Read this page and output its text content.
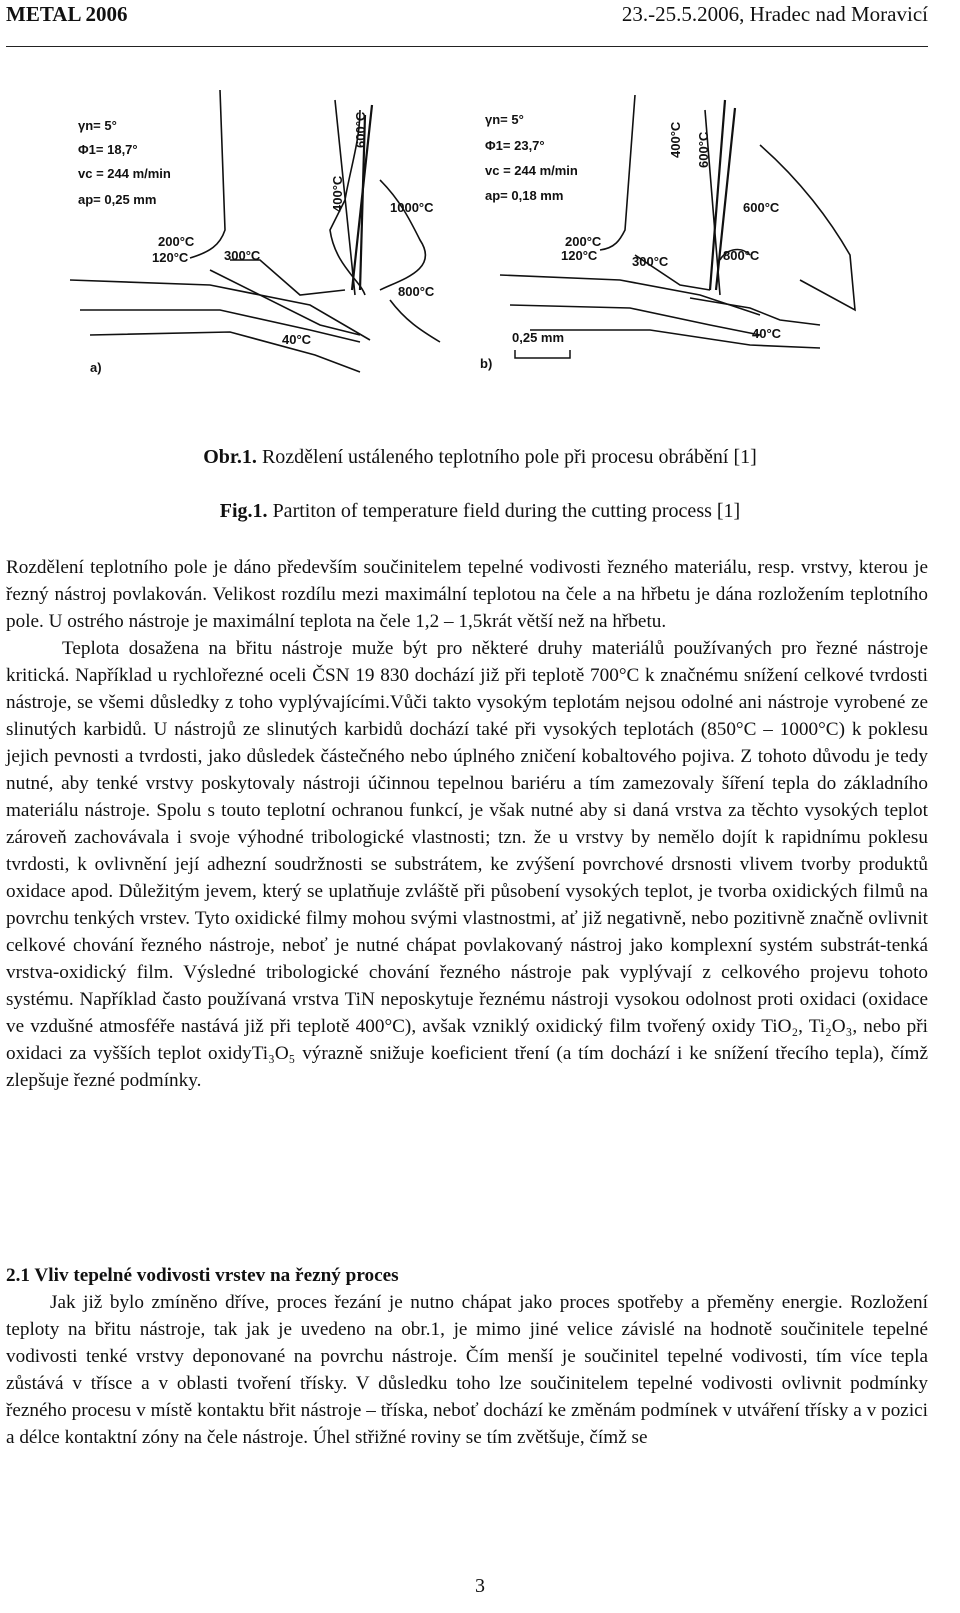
METAL 2006	23.-25.5.2006, Hradec nad Moravicí
γn= 5°
Φ1= 18,7°
vc = 244 m/min
ap= 0,25 mm
600°C
400°C	1000°C
200°C
120°C	300°C
800°C
40°C
a)
γn= 5°
Φ1= 23,7°
vc = 244 m/min
ap= 0,18 mm
400°C 600°C
600°C
200°C
120°C	300°C	800°C
40°C
0,25 mm
b)
Obr.1. Rozdělení ustáleného teplotního pole při procesu obrábění [1]
Fig.1. Partiton of temperature field during the cutting process [1]

Rozdělení teplotního pole je dáno především součinitelem tepelné vodivosti řezného materiálu, resp. vrstvy, kterou je řezný nástroj povlakován. Velikost rozdílu mezi maximální teplotou na čele a na hřbetu je dána rozložením teplotního pole. U ostrého nástroje je maximální teplota na čele 1,2 – 1,5krát větší než na hřbetu.

Teplota dosažena na břitu nástroje muže být pro některé druhy materiálů používaných pro řezné nástroje kritická. Například u rychlořezné oceli ČSN 19 830 dochází již při teplotě 700°C k značnému snížení celkové tvrdosti nástroje, se všemi důsledky z toho vyplývajícími.Vůči takto vysokým teplotám nejsou odolné ani nástroje vyrobené ze slinutých karbidů. U nástrojů ze slinutých karbidů dochází také při vysokých teplotách (850°C – 1000°C) k poklesu jejich pevnosti a tvrdosti, jako důsledek částečného nebo úplného zničení kobaltového pojiva. Z tohoto důvodu je tedy nutné, aby tenké vrstvy poskytovaly nástroji účinnou tepelnou bariéru a tím zamezovaly šíření tepla do základního materiálu nástroje. Spolu s touto teplotní ochranou funkcí, je však nutné aby si daná vrstva za těchto vysokých teplot zároveň zachovávala i svoje výhodné tribologické vlastnosti; tzn. že u vrstvy by nemělo dojít k rapidnímu poklesu tvrdosti, k ovlivnění její adhezní soudržnosti se substrátem, ke zvýšení povrchové drsnosti vlivem tvorby produktů oxidace apod. Důležitým jevem, který se uplatňuje zvláště při působení vysokých teplot, je tvorba oxidických filmů na povrchu tenkých vrstev. Tyto oxidické filmy mohou svými vlastnostmi, ať již negativně, nebo pozitivně značně ovlivnit celkové chování řezného nástroje, neboť je nutné chápat povlakovaný nástroj jako komplexní systém substrát-tenká vrstva-oxidický film. Výsledné tribologické chování řezného nástroje pak vyplývají z celkového projevu tohoto systému. Například často používaná vrstva TiN neposkytuje řeznému nástroji vysokou odolnost proti oxidaci (oxidace ve vzdušné atmosféře nastává již při teplotě 400°C), avšak vzniklý oxidický film tvořený oxidy TiO₂, Ti₂O₃, nebo při oxidaci za vyšších teplot oxidyTi₃O₅ výrazně snižuje koeficient tření (a tím dochází i ke snížení třecího tepla), čímž zlepšuje řezné podmínky.

2.1 Vliv tepelné vodivosti vrstev na řezný proces

Jak již bylo zmíněno dříve, proces řezání je nutno chápat jako proces spotřeby a přeměny energie. Rozložení teploty na břitu nástroje, tak jak je uvedeno na obr.1, je mimo jiné velice závislé na hodnotě součinitele tepelné vodivosti tenké vrstvy deponované na povrchu nástroje. Čím menší je součinitel tepelné vodivosti, tím více tepla zůstává v třísce a v oblasti tvoření třísky. V důsledku toho lze součinitelem tepelné vodivosti ovlivnit podmínky řezného procesu v místě kontaktu břit nástroje – tříska, neboť dochází ke změnám podmínek v utváření třísky a v pozici a délce kontaktní zóny na čele nástroje. Úhel střižné roviny se tím zvětšuje, čímž se

3
